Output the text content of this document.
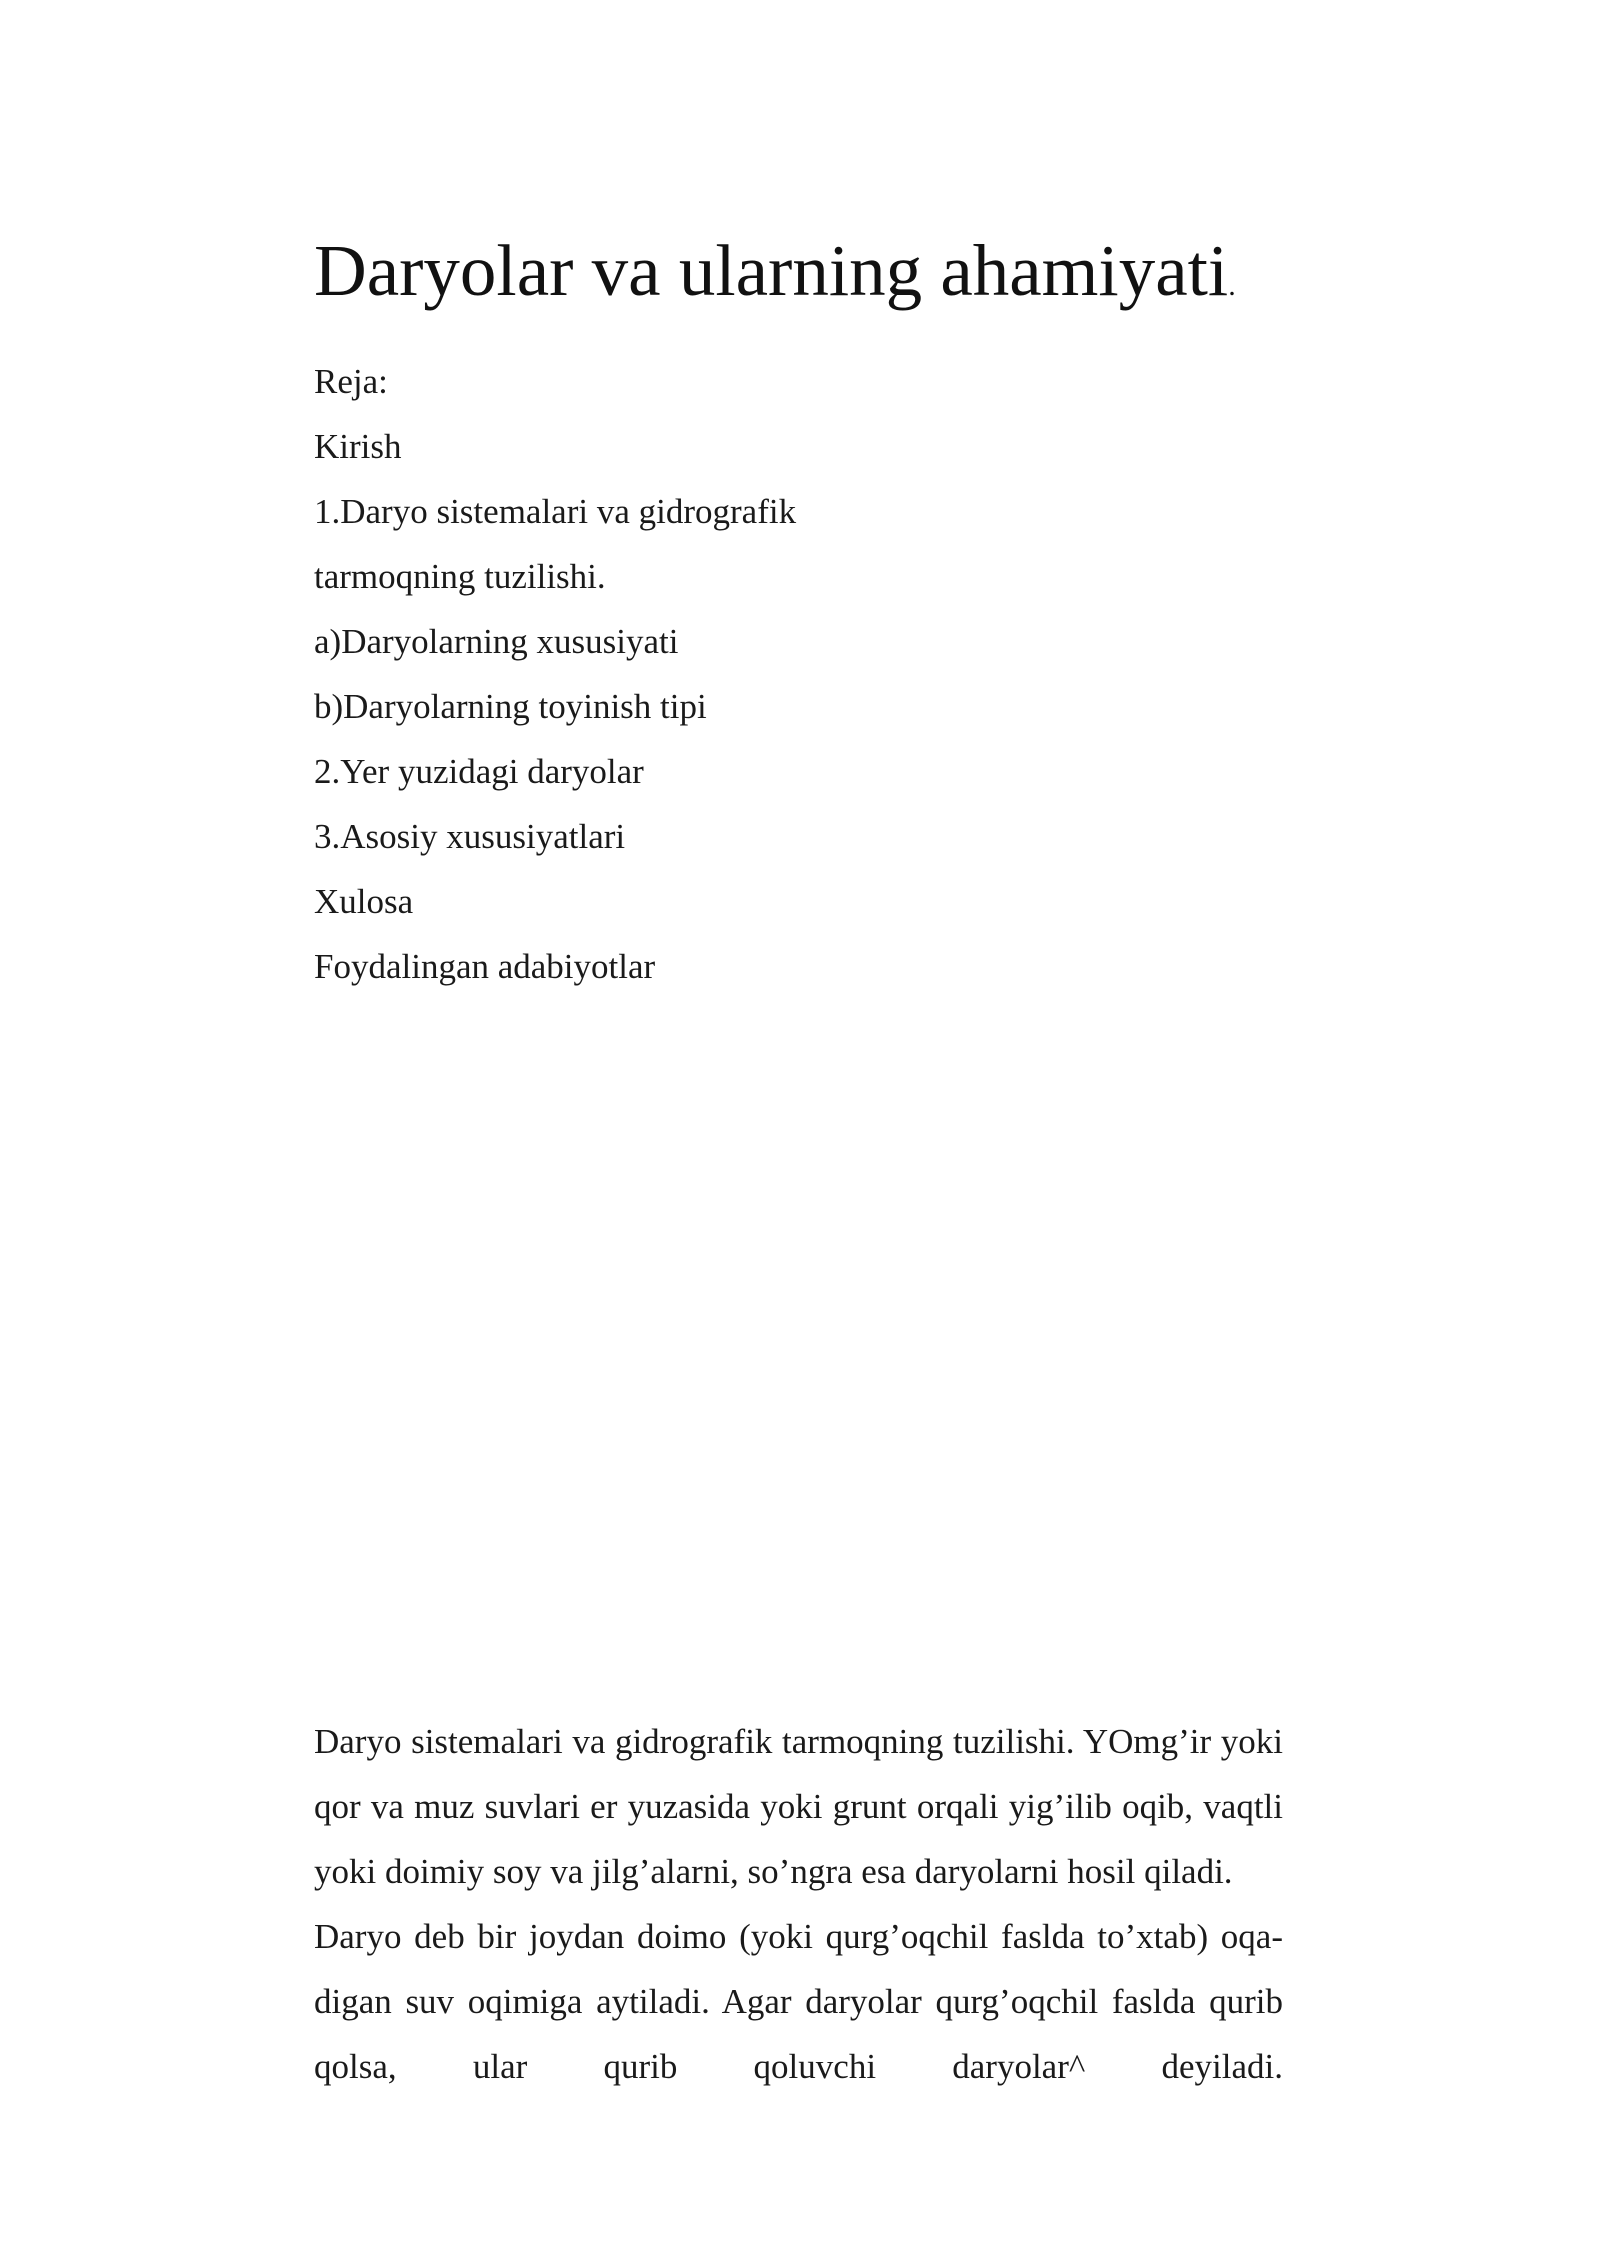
Daryolar va ularning ahamiyati.
Reja:
Kirish
1.Daryo sistemalari va gidrografik
tarmoqning tuzilishi.
a)Daryolarning xususiyati
b)Daryolarning toyinish tipi
2.Yer yuzidagi daryolar
3.Asosiy xususiyatlari
Xulosa
Foydalingan adabiyotlar

Daryo sistemalari va gidrografik tarmoqning tuzilishi. YOmg’ir yoki qor va muz suvlari er yuzasida yoki grunt orqali yig’ilib oqib, vaqtli yoki doimiy soy va jilg’alarni, so’ngra esa daryolarni hosil qiladi.

Daryo deb bir joydan doimo (yoki qurg’oqchil faslda to’xtab) oqa-digan suv oqimiga aytiladi. Agar daryolar qurg’oqchil faslda qurib qolsa, ular qurib qoluvchi daryolar^ deyiladi.
